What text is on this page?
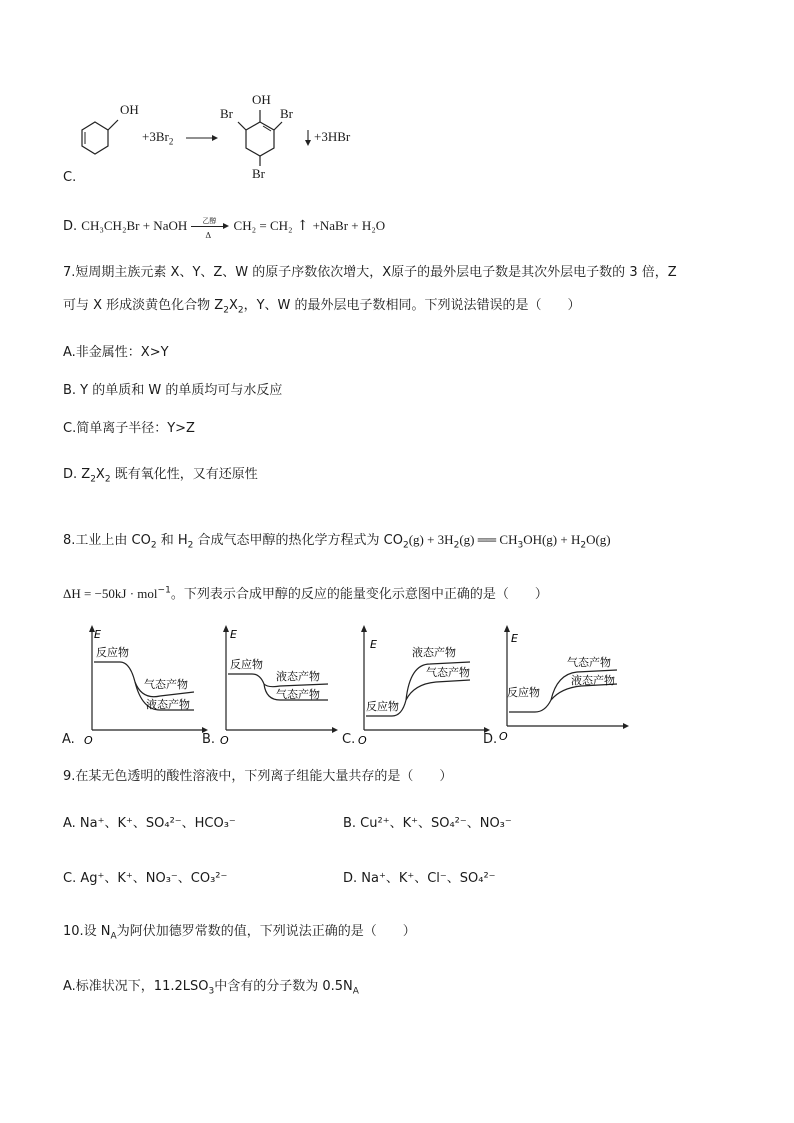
OH
$+3Br_2$
OH
Br	Br
Br
+3HBr
C.
D. CH₃CH₂Br + NaOH 乙醇
Δ
CH₂ = CH₂ ↑ +NaBr + H₂O
7.短周期主族元素 X、Y、Z、W 的原子序数依次增大，X原子的最外层电子数是其次外层电子数的 3 倍，Z
可与 X 形成淡黄色化合物 $Z_2X_2$，Y、W 的最外层电子数相同。下列说法错误的是（　　）
A.非金属性：X>Y
B. Y 的单质和 W 的单质均可与水反应
C.简单离子半径：Y>Z
D. $Z_2X_2$ 既有氧化性，又有还原性
8.工业上由 $CO_2$ 和 $H_2$ 合成气态甲醇的热化学方程式为 $CO_2(g) + 3H_2(g)$ ══ $CH_3OH(g) + H_2O(g)$
ΔH = −50kJ · mol$^{-1}$。下列表示合成甲醇的反应的能量变化示意图中正确的是（　　）
E
O
反应物
气态产物
液态产物
A.
E
O
反应物
液态产物
气态产物
B.
E
O
反应物
液态产物
气态产物
C.
E
O
反应物
气态产物
液态产物
D.
9.在某无色透明的酸性溶液中，下列离子组能大量共存的是（　　）
A. Na⁺、K⁺、SO₄²⁻、HCO₃⁻	B. Cu²⁺、K⁺、SO₄²⁻、NO₃⁻
C. Ag⁺、K⁺、NO₃⁻、CO₃²⁻	D. Na⁺、K⁺、Cl⁻、SO₄²⁻
10.设 $N_A$为阿伏加德罗常数的值，下列说法正确的是（　　）
A.标准状况下，$11.2LSO_3$中含有的分子数为 $0.5N_A$
